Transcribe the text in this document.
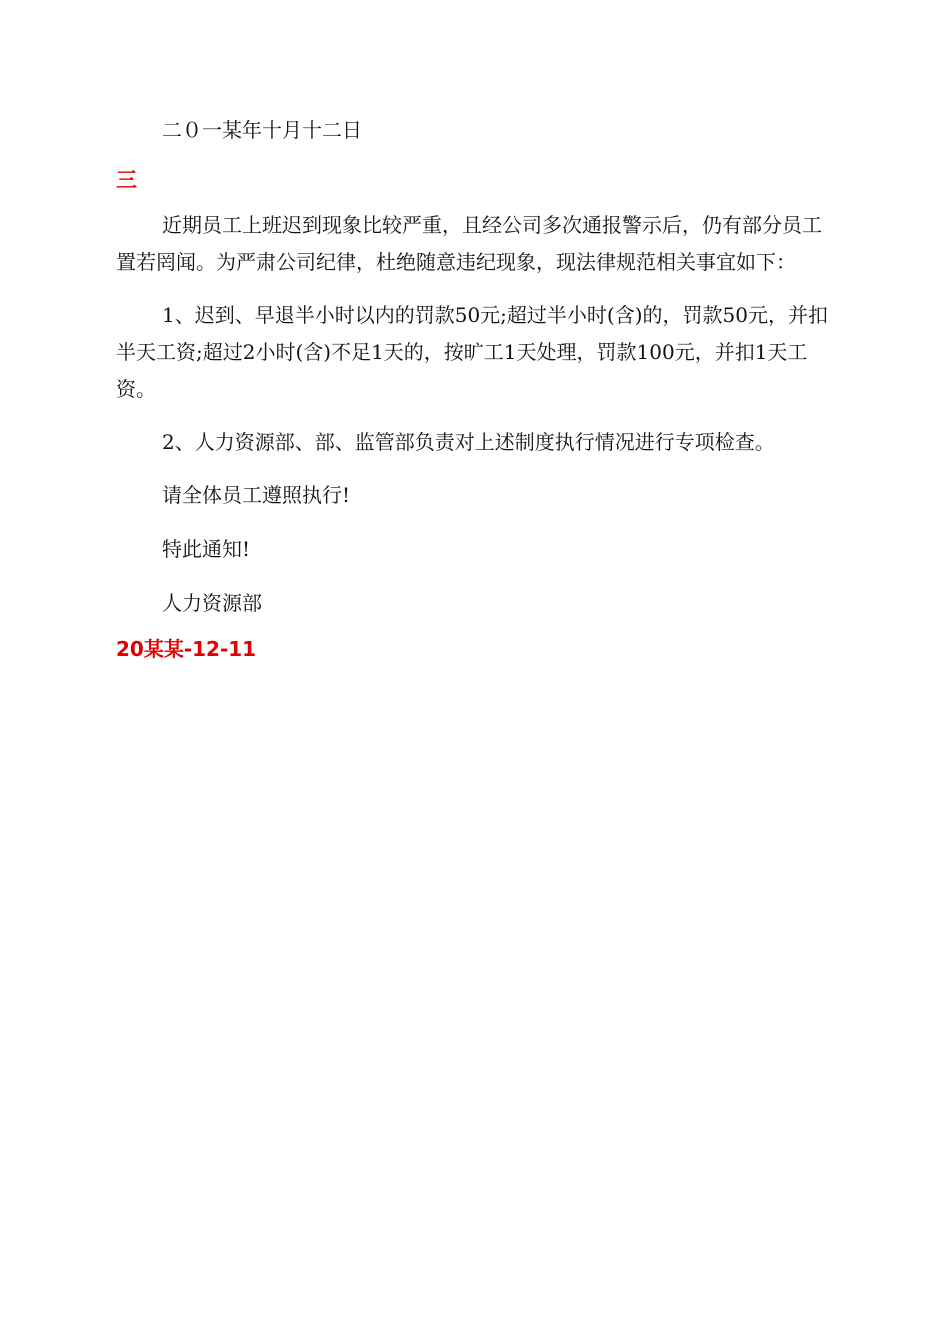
二０一某年十月十二日

三

近期员工上班迟到现象比较严重，且经公司多次通报警示后，仍有部分员工置若罔闻。为严肃公司纪律，杜绝随意违纪现象，现法律规范相关事宜如下：

1、迟到、早退半小时以内的罚款50元;超过半小时(含)的，罚款50元，并扣半天工资;超过2小时(含)不足1天的，按旷工1天处理，罚款100元，并扣1天工资。

2、人力资源部、部、监管部负责对上述制度执行情况进行专项检查。

请全体员工遵照执行!

特此通知!

人力资源部

20某某-12-11
